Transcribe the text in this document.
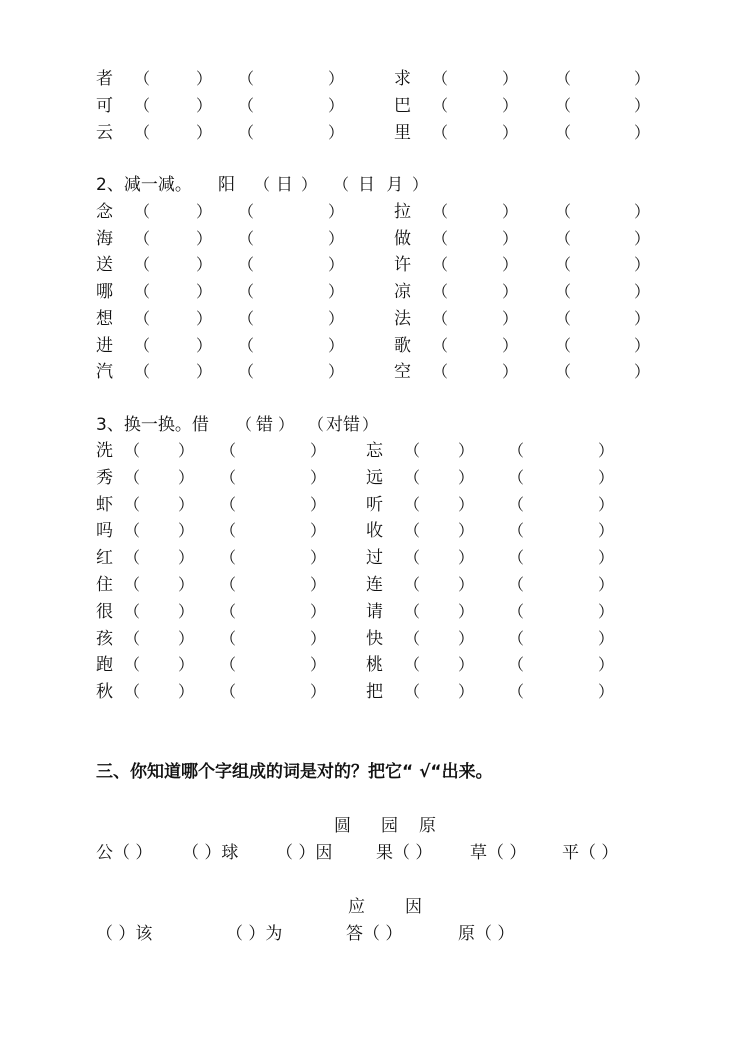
者 （	） （	）	求 （	） （	）
可 （	） （	）	巴 （	） （	）
云 （	） （	）	里 （	） （	）
2、减一减。 阳 （ 日 ） （ 日 月 ）
念 （	） （	）	拉 （	） （	）
海 （	） （	）	做 （	） （	）
送 （	） （	）	许 （	） （	）
哪 （	） （	）	凉 （	） （	）
想 （	） （	）	法 （	） （	）
进 （	） （	）	歌 （	） （	）
汽 （	） （	）	空 （	） （	）
3、换一换。借 （ 错 ） （ 对错 ）
洗 （ ） （	） 忘 （ ） （	）
秀 （ ） （	） 远 （ ） （	）
虾 （ ） （	） 听 （ ） （	）
吗 （ ） （	） 收 （ ） （	）
红 （ ） （	） 过 （ ） （	）
住 （ ） （	） 连 （ ） （	）
很 （ ） （	） 请 （ ） （	）
孩 （ ） （	） 快 （ ） （	）
跑 （ ） （	） 桃 （ ） （	）
秋 （ ） （	） 把 （ ） （	）
三、你知道哪个字组成的词是对的？把它“ √“出来。
圆 园 原
公（ ） （ ）球 （ ）因	果（ ） 草（ ） 平（ ）
应 因
（ ）该	（ ）为	答（ ）	原（ ）
